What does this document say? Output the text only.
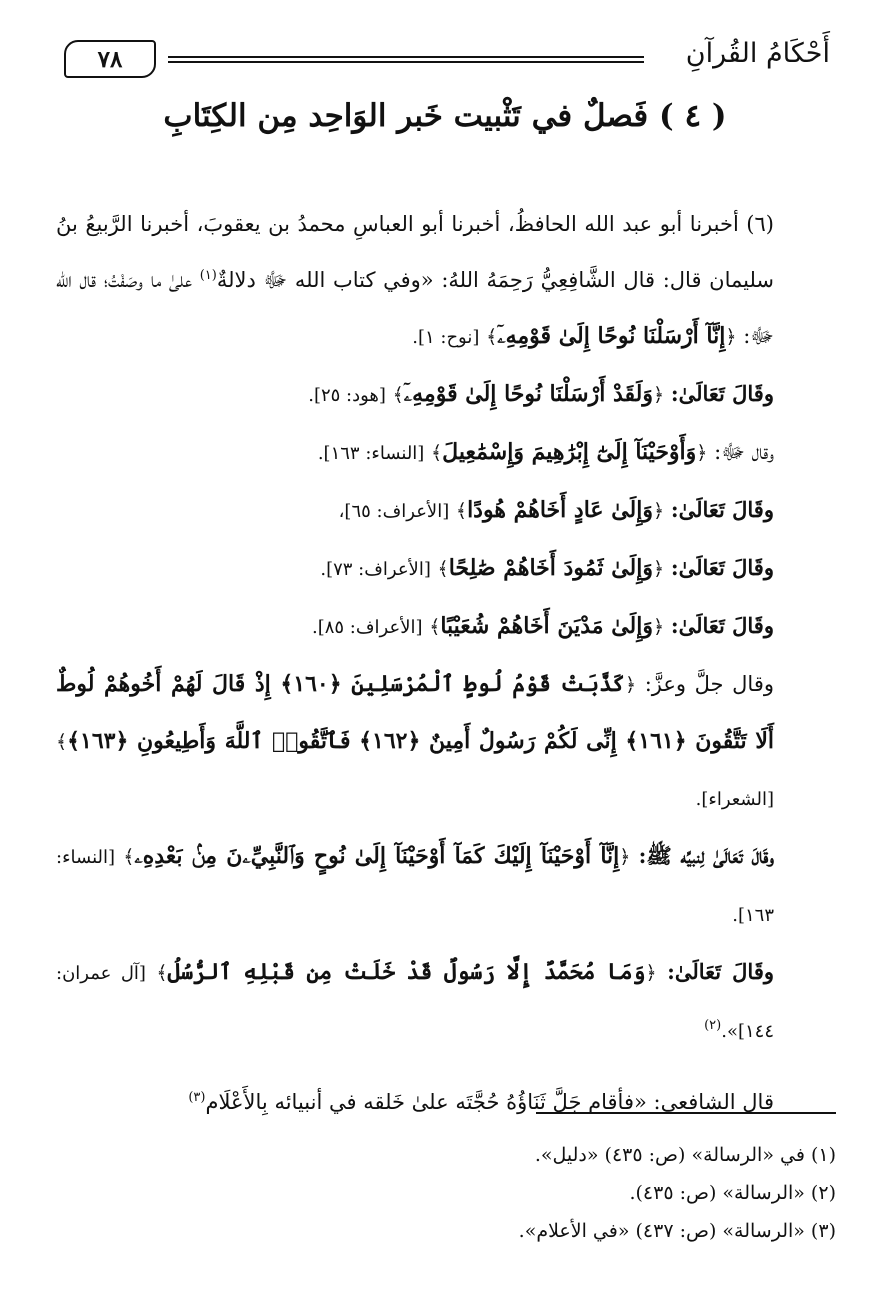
أَحْكَامُ القُرآنِ
٧٨
( ٤ ) فَصلٌ في تَثْبيت خَبر الوَاحِد مِن الكِتَابِ

(٦) أخبرنا أبو عبد الله الحافظُ، أخبرنا أبو العباسِ محمدُ بن يعقوبَ، أخبرنا الرَّبيعُ بنُ سليمان قال: قال الشَّافِعِيُّ رَحِمَهُ اللهُ: «وفي كتاب الله ﷻ دلالةٌ$^{(١)}$ علىٰ ما وصَفْتُ؛ قال الله ﷻ: ﴿إِنَّآ أَرْسَلْنَا نُوحًا إِلَىٰ قَوْمِهِۦٓ﴾ [نوح: ١].

وقَالَ تَعَالَىٰ: ﴿وَلَقَدْ أَرْسَلْنَا نُوحًا إِلَىٰ قَوْمِهِۦٓ﴾ [هود: ٢٥].

وقال ﷻ: ﴿وَأَوْحَيْنَآ إِلَىٰٓ إِبْرَٰهِيمَ وَإِسْمَٰعِيلَ﴾ [النساء: ١٦٣].

وقَالَ تَعَالَىٰ: ﴿وَإِلَىٰ عَادٍ أَخَاهُمْ هُودًا﴾ [الأعراف: ٦٥]،

وقَالَ تَعَالَىٰ: ﴿وَإِلَىٰ ثَمُودَ أَخَاهُمْ صَٰلِحًا﴾ [الأعراف: ٧٣].

وقَالَ تَعَالَىٰ: ﴿وَإِلَىٰ مَدْيَنَ أَخَاهُمْ شُعَيْبًا﴾ [الأعراف: ٨٥].

وقال جلَّ وعزَّ: ﴿كَذَّبَتْ قَوْمُ لُوطٍ ٱلْمُرْسَلِينَ ﴿١٦٠﴾ إِذْ قَالَ لَهُمْ أَخُوهُمْ لُوطٌ أَلَا تَتَّقُونَ ﴿١٦١﴾ إِنِّى لَكُمْ رَسُولٌ أَمِينٌ ﴿١٦٢﴾ فَٱتَّقُوا۟ ٱللَّهَ وَأَطِيعُونِ ﴿١٦٣﴾﴾ [الشعراء].

وقَالَ تَعَالَىٰ لِنبيِّه ﷺ: ﴿إِنَّآ أَوْحَيْنَآ إِلَيْكَ كَمَآ أَوْحَيْنَآ إِلَىٰ نُوحٍ وَٱلنَّبِيِّۦنَ مِنۢ بَعْدِهِۦ﴾ [النساء: ١٦٣].

وقَالَ تَعَالَىٰ: ﴿وَمَا مُحَمَّدٌ إِلَّا رَسُولٌ قَدْ خَلَتْ مِن قَبْلِهِ ٱلرُّسُلُ﴾ [آل عمران: ١٤٤]».$^{(٢)}$

قال الشافعي: «فأقام جَلَّ ثَنَاؤُهُ حُجَّتَه علىٰ خَلقه في أنبيائه بِالأَعْلَام$^{(٣)}$

(١) في «الرسالة» (ص: ٤٣٥) «دليل».
(٢) «الرسالة» (ص: ٤٣٥).
(٣) «الرسالة» (ص: ٤٣٧) «في الأعلام».
